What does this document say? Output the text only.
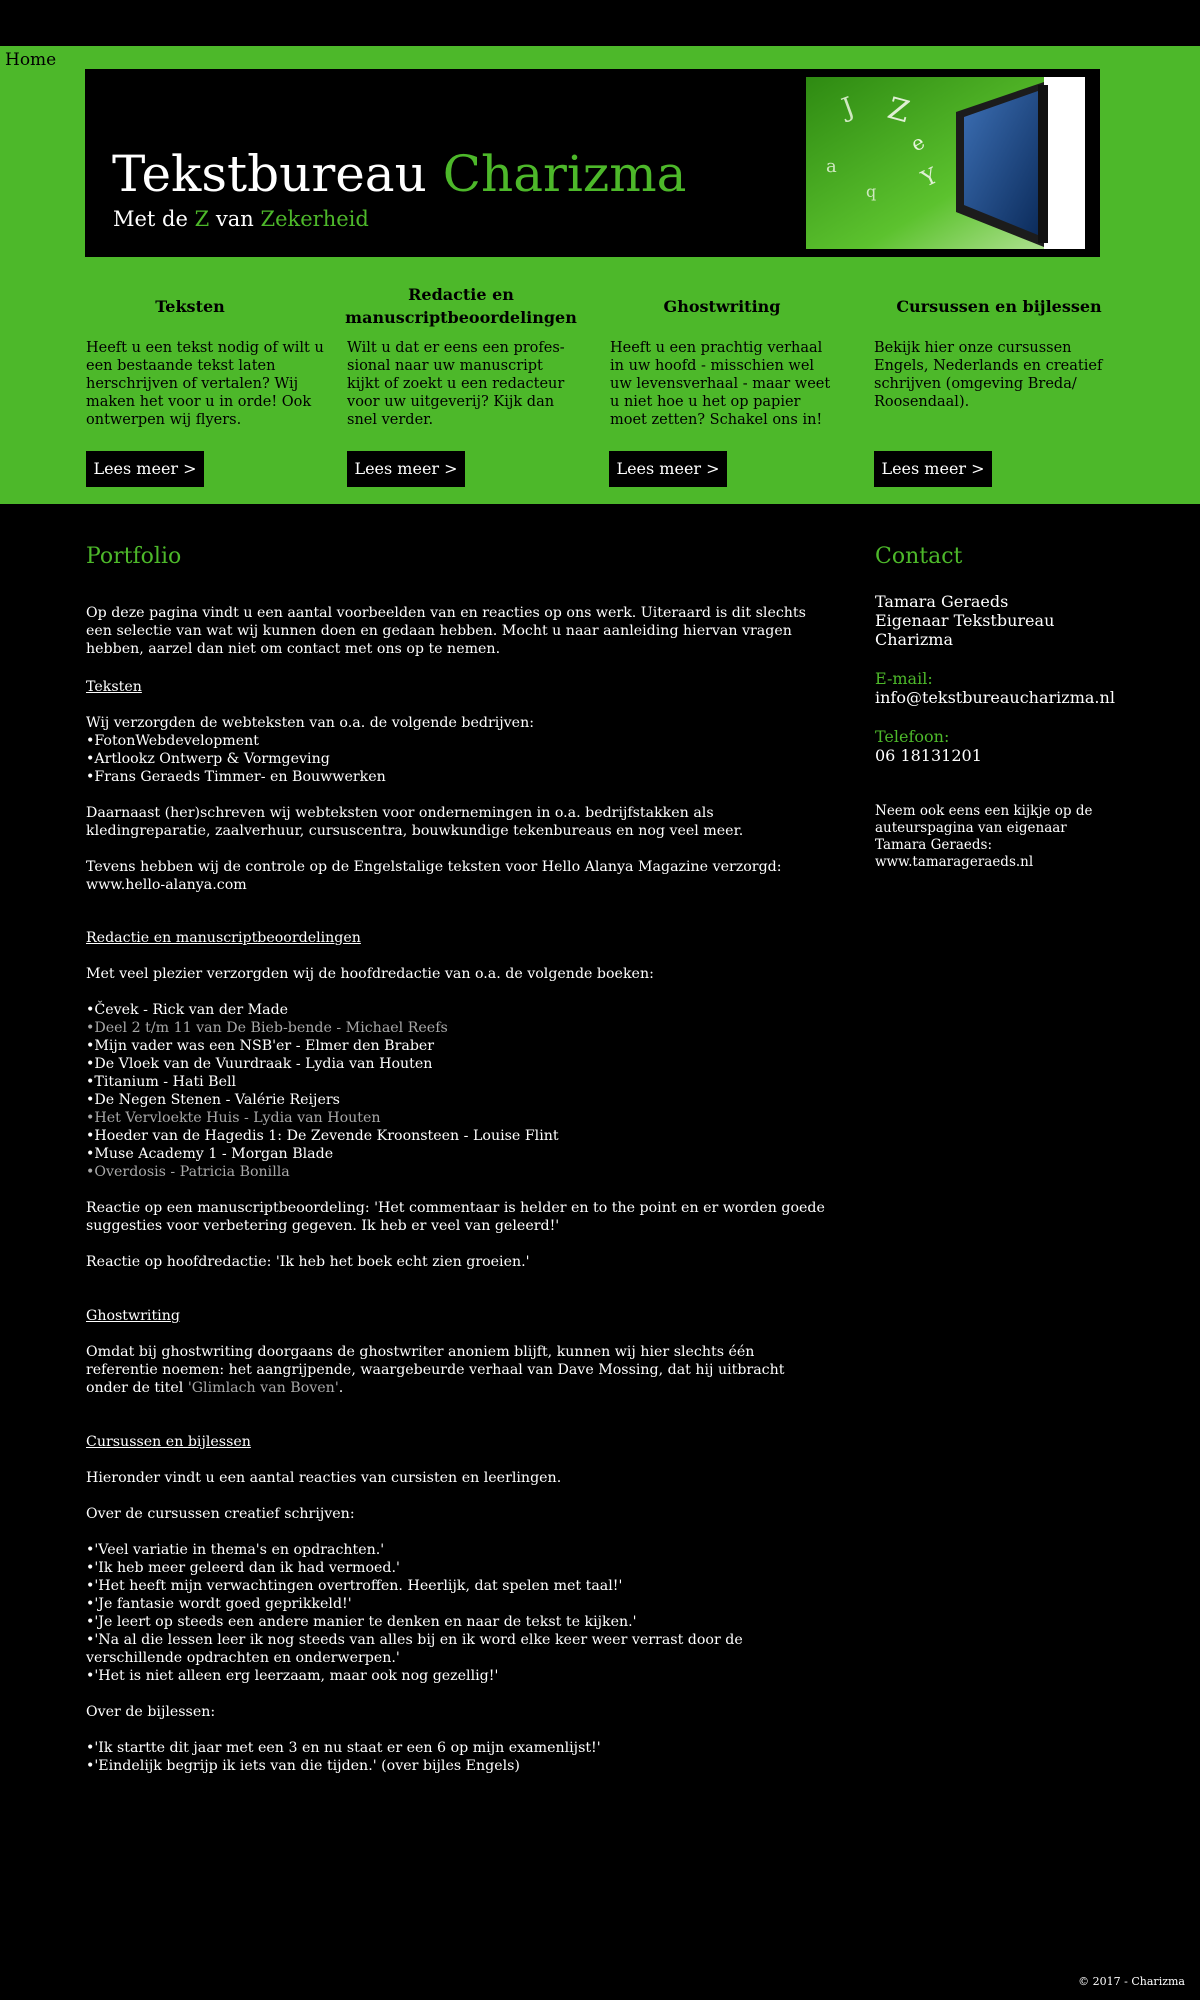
Home
Tekstbureau Charizma
Met de Z van Zekerheid
J Z
a
e
Y
q
Teksten

Heeft u een tekst nodig of wilt u een bestaande tekst laten herschrijven of vertalen? Wij maken het voor u in orde! Ook ontwerpen wij flyers.

Redactie en manuscriptbeoordelingen

Wilt u dat er eens een profes-sional naar uw manuscript kijkt of zoekt u een redacteur voor uw uitgeverij? Kijk dan snel verder.

Ghostwriting

Heeft u een prachtig verhaal in uw hoofd - misschien wel uw levensverhaal - maar weet u niet hoe u het op papier moet zetten? Schakel ons in!

Cursussen en bijlessen

Bekijk hier onze cursussen Engels, Nederlands en creatief schrijven (omgeving Breda/ Roosendaal).

Lees meer >	Lees meer >	Lees meer >	Lees meer >
Portfolio
Op deze pagina vindt u een aantal voorbeelden van en reacties op ons werk. Uiteraard is dit slechts een selectie van wat wij kunnen doen en gedaan hebben. Mocht u naar aanleiding hiervan vragen hebben, aarzel dan niet om contact met ons op te nemen.
Teksten
Wij verzorgden de webteksten van o.a. de volgende bedrijven:
•FotonWebdevelopment
•Artlookz Ontwerp & Vormgeving
•Frans Geraeds Timmer- en Bouwwerken
Daarnaast (her)schreven wij webteksten voor ondernemingen in o.a. bedrijfstakken als kledingreparatie, zaalverhuur, cursuscentra, bouwkundige tekenbureaus en nog veel meer.
Tevens hebben wij de controle op de Engelstalige teksten voor Hello Alanya Magazine verzorgd:
www.hello-alanya.com
Redactie en manuscriptbeoordelingen
Met veel plezier verzorgden wij de hoofdredactie van o.a. de volgende boeken:
•Čevek - Rick van der Made
•Deel 2 t/m 11 van De Bieb-bende - Michael Reefs
•Mijn vader was een NSB'er - Elmer den Braber
•De Vloek van de Vuurdraak - Lydia van Houten
•Titanium - Hati Bell
•De Negen Stenen - Valérie Reijers
•Het Vervloekte Huis - Lydia van Houten
•Hoeder van de Hagedis 1: De Zevende Kroonsteen - Louise Flint
•Muse Academy 1 - Morgan Blade
•Overdosis - Patricia Bonilla
Reactie op een manuscriptbeoordeling: 'Het commentaar is helder en to the point en er worden goede suggesties voor verbetering gegeven. Ik heb er veel van geleerd!'
Reactie op hoofdredactie: 'Ik heb het boek echt zien groeien.'
Ghostwriting
Omdat bij ghostwriting doorgaans de ghostwriter anoniem blijft, kunnen wij hier slechts één referentie noemen: het aangrijpende, waargebeurde verhaal van Dave Mossing, dat hij uitbracht onder de titel 'Glimlach van Boven'.
Cursussen en bijlessen
Hieronder vindt u een aantal reacties van cursisten en leerlingen.
Over de cursussen creatief schrijven:
•'Veel variatie in thema's en opdrachten.'
•'Ik heb meer geleerd dan ik had vermoed.'
•'Het heeft mijn verwachtingen overtroffen. Heerlijk, dat spelen met taal!'
•'Je fantasie wordt goed geprikkeld!'
•'Je leert op steeds een andere manier te denken en naar de tekst te kijken.'
•'Na al die lessen leer ik nog steeds van alles bij en ik word elke keer weer verrast door de verschillende opdrachten en onderwerpen.'
•'Het is niet alleen erg leerzaam, maar ook nog gezellig!'
Over de bijlessen:
•'Ik startte dit jaar met een 3 en nu staat er een 6 op mijn examenlijst!'
•'Eindelijk begrijp ik iets van die tijden.' (over bijles Engels)
Contact
Tamara Geraeds
Eigenaar Tekstbureau Charizma
E-mail:
info@tekstbureaucharizma.nl
Telefoon:
06 18131201
Neem ook eens een kijkje op de auteurspagina van eigenaar Tamara Geraeds:
www.tamarageraeds.nl
© 2017 - Charizma
